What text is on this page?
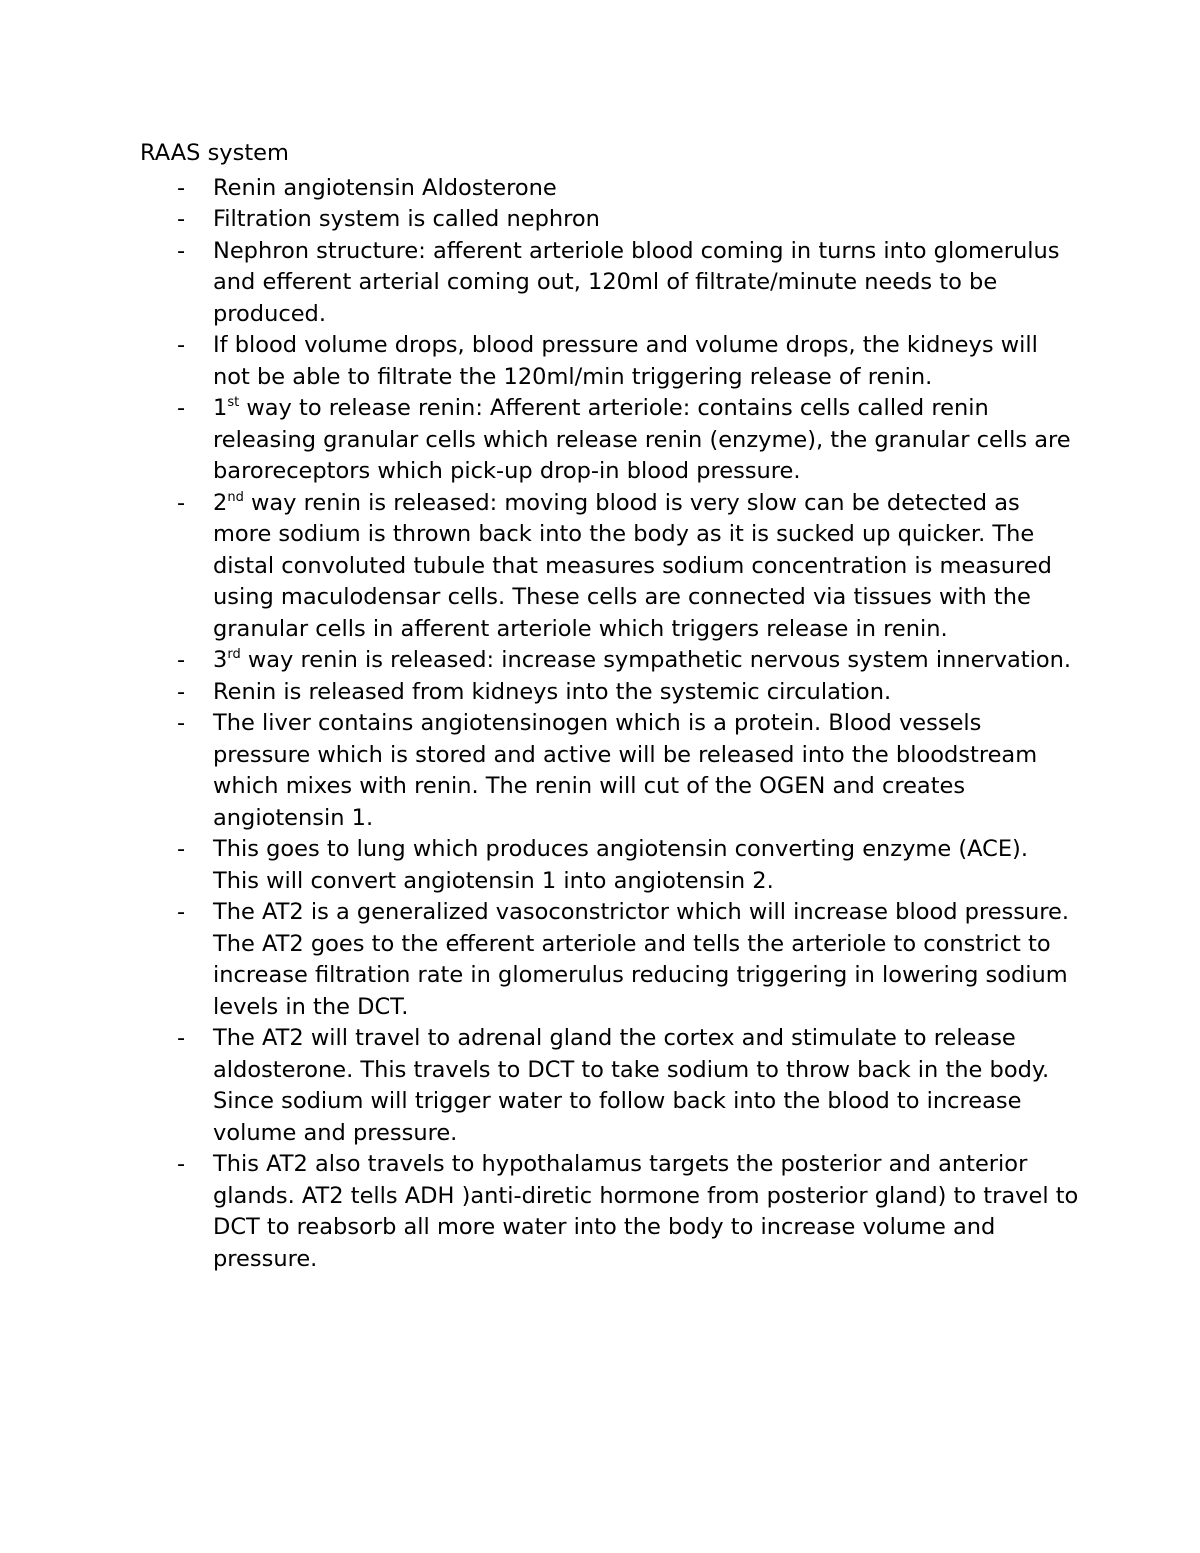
RAAS system
- Renin angiotensin Aldosterone
- Filtration system is called nephron
- Nephron structure: afferent arteriole blood coming in turns into glomerulus and efferent arterial coming out, 120ml of filtrate/minute needs to be produced.
- If blood volume drops, blood pressure and volume drops, the kidneys will not be able to filtrate the 120ml/min triggering release of renin.
- 1st way to release renin: Afferent arteriole: contains cells called renin releasing granular cells which release renin (enzyme), the granular cells are baroreceptors which pick-up drop-in blood pressure.
- 2nd way renin is released: moving blood is very slow can be detected as more sodium is thrown back into the body as it is sucked up quicker. The distal convoluted tubule that measures sodium concentration is measured using maculodensar cells. These cells are connected via tissues with the granular cells in afferent arteriole which triggers release in renin.
- 3rd way renin is released: increase sympathetic nervous system innervation.
- Renin is released from kidneys into the systemic circulation.
- The liver contains angiotensinogen which is a protein. Blood vessels pressure which is stored and active will be released into the bloodstream which mixes with renin. The renin will cut of the OGEN and creates angiotensin 1.
- This goes to lung which produces angiotensin converting enzyme (ACE). This will convert angiotensin 1 into angiotensin 2.
- The AT2 is a generalized vasoconstrictor which will increase blood pressure. The AT2 goes to the efferent arteriole and tells the arteriole to constrict to increase filtration rate in glomerulus reducing triggering in lowering sodium levels in the DCT.
- The AT2 will travel to adrenal gland the cortex and stimulate to release aldosterone. This travels to DCT to take sodium to throw back in the body. Since sodium will trigger water to follow back into the blood to increase volume and pressure.
- This AT2 also travels to hypothalamus targets the posterior and anterior glands. AT2 tells ADH )anti-diretic hormone from posterior gland) to travel to DCT to reabsorb all more water into the body to increase volume and pressure.
